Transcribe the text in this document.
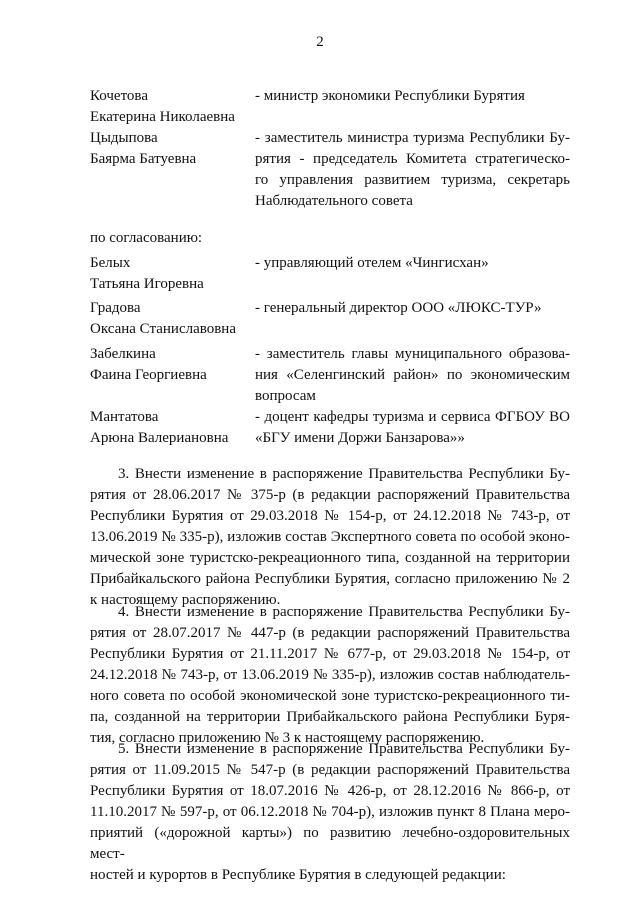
2
Кочетова
Екатерина Николаевна
- министр экономики Республики Бурятия
Цыдыпова
Баярма Батуевна
- заместитель министра туризма Республики Бу-
рятия - председатель Комитета стратегическо-
го управления развитием туризма, секретарь
Наблюдательного совета
по согласованию:
Белых
Татьяна Игоревна
- управляющий отелем «Чингисхан»
Градова
Оксана Станиславовна
- генеральный директор ООО «ЛЮКС-ТУР»
Забелкина
Фаина Георгиевна
- заместитель главы муниципального образова-
ния «Селенгинский район» по экономическим
вопросам
Мантатова
Арюна Валериановна
- доцент кафедры туризма и сервиса ФГБОУ ВО
«БГУ имени Доржи Банзарова»»
3. Внести изменение в распоряжение Правительства Республики Бу-
рятия от 28.06.2017 № 375-р (в редакции распоряжений Правительства
Республики Бурятия от 29.03.2018 № 154-р, от 24.12.2018 № 743-р, от
13.06.2019 № 335-р), изложив состав Экспертного совета по особой эконо-
мической зоне туристско-рекреационного типа, созданной на территории
Прибайкальского района Республики Бурятия, согласно приложению № 2
к настоящему распоряжению.
4. Внести изменение в распоряжение Правительства Республики Бу-
рятия от 28.07.2017 № 447-р (в редакции распоряжений Правительства
Республики Бурятия от 21.11.2017 № 677-р, от 29.03.2018 № 154-р, от
24.12.2018 № 743-р, от 13.06.2019 № 335-р), изложив состав наблюдатель-
ного совета по особой экономической зоне туристско-рекреационного ти-
па, созданной на территории Прибайкальского района Республики Буря-
тия, согласно приложению № 3 к настоящему распоряжению.
5. Внести изменение в распоряжение Правительства Республики Бу-
рятия от 11.09.2015 № 547-р (в редакции распоряжений Правительства
Республики Бурятия от 18.07.2016 № 426-р, от 28.12.2016 № 866-р, от
11.10.2017 № 597-р, от 06.12.2018 № 704-р), изложив пункт 8 Плана меро-
приятий («дорожной карты») по развитию лечебно-оздоровительных мест-
ностей и курортов в Республике Бурятия в следующей редакции:
